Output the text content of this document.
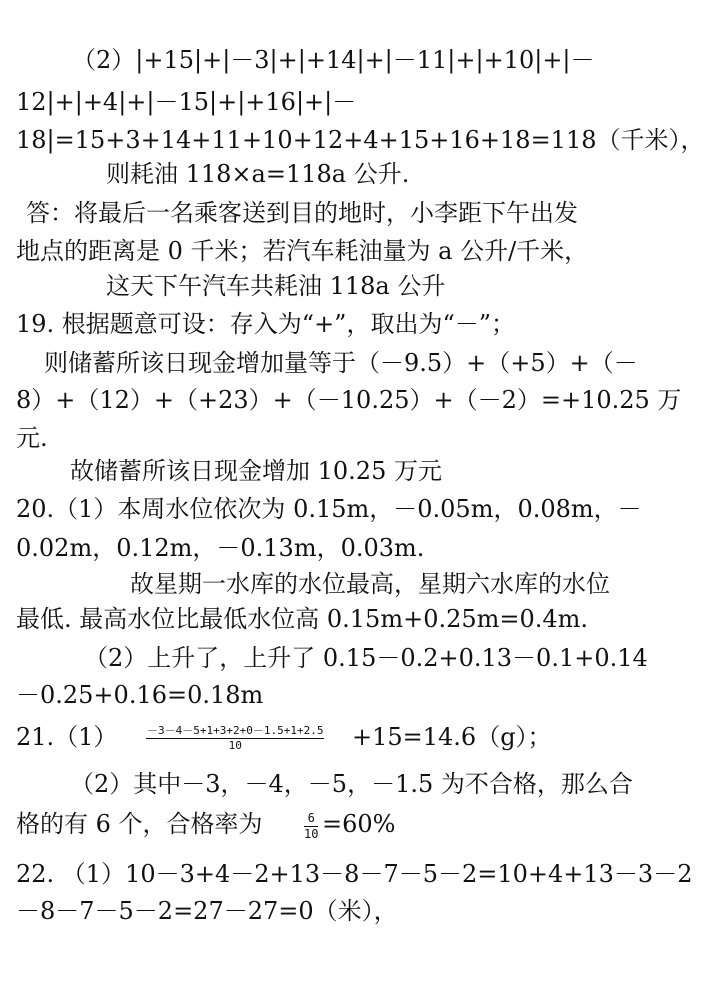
（2）|+15|+|－3|+|+14|+|－11|+|+10|+|－
12|+|+4|+|－15|+|+16|+|－
18|=15+3+14+11+10+12+4+15+16+18=118（千米），
则耗油 118×a=118a 公升.
答：将最后一名乘客送到目的地时，小李距下午出发
地点的距离是 0 千米；若汽车耗油量为 a 公升/千米，
这天下午汽车共耗油 118a 公升
19. 根据题意可设：存入为“+”，取出为“－”；
则储蓄所该日现金增加量等于（－9.5）+（+5）+（－
8）+（12）+（+23）+（－10.25）+（－2）=+10.25 万
元.
故储蓄所该日现金增加 10.25 万元
20.（1）本周水位依次为 0.15m，－0.05m，0.08m，－
0.02m，0.12m，－0.13m，0.03m.
故星期一水库的水位最高，星期六水库的水位
最低. 最高水位比最低水位高 0.15m+0.25m=0.4m.
（2）上升了，上升了 0.15－0.2+0.13－0.1+0.14
－0.25+0.16=0.18m
21.（1）	$\frac{-3-4-5+1+3+2+0-1.5+1+2.5}{10} +15=14.6(g)$；
（2）其中－3，－4，－5，－1.5 为不合格，那么合
格的有 6 个，合格率为	$\frac{6}{10} =60\%$
22. （1）10－3+4－2+13－8－7－5－2=10+4+13－3－2
－8－7－5－2=27－27=0（米），
